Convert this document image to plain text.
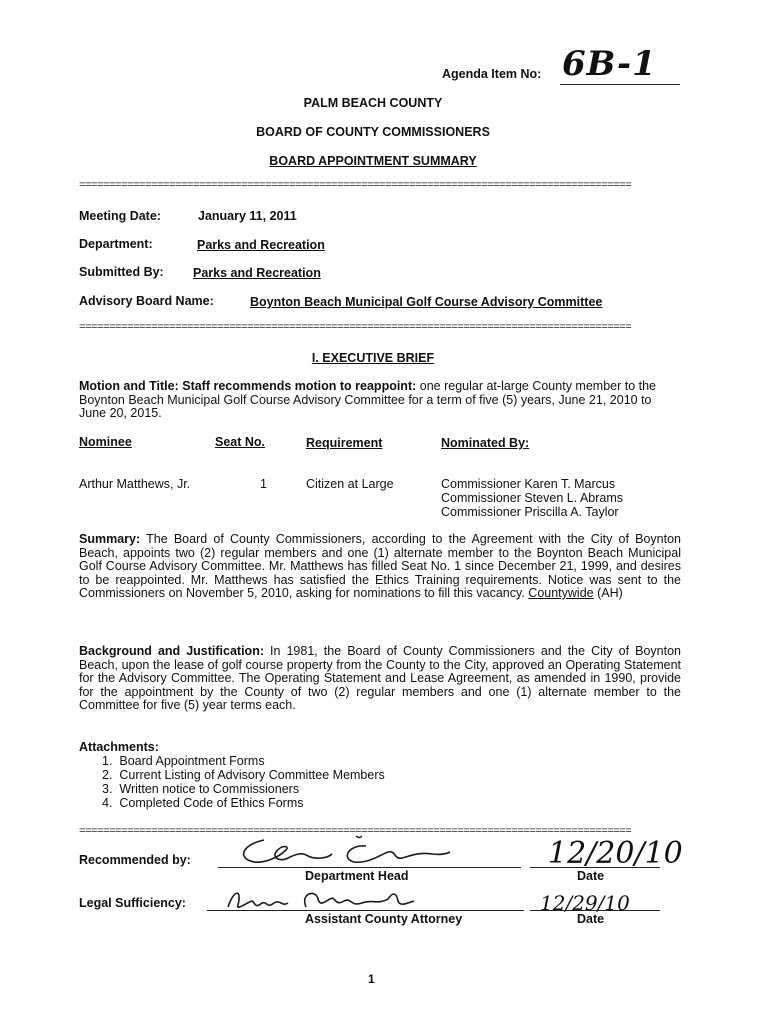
Agenda Item No: 6B-1
PALM BEACH COUNTY
BOARD OF COUNTY COMMISSIONERS
BOARD APPOINTMENT SUMMARY
============================================================================================
Meeting Date:	January 11, 2011
Department:	Parks and Recreation
Submitted By: Parks and Recreation
Advisory Board Name:	Boynton Beach Municipal Golf Course Advisory Committee
============================================================================================
I. EXECUTIVE BRIEF
Motion and Title: Staff recommends motion to reappoint: one regular at-large County member to the Boynton Beach Municipal Golf Course Advisory Committee for a term of five (5) years, June 21, 2010 to June 20, 2015.
Nominee	Seat No.	Requirement	Nominated By:
Arthur Matthews, Jr.	1	Citizen at Large	Commissioner Karen T. Marcus
Commissioner Steven L. Abrams
Commissioner Priscilla A. Taylor
Summary: The Board of County Commissioners, according to the Agreement with the City of Boynton Beach, appoints two (2) regular members and one (1) alternate member to the Boynton Beach Municipal Golf Course Advisory Committee. Mr. Matthews has filled Seat No. 1 since December 21, 1999, and desires to be reappointed. Mr. Matthews has satisfied the Ethics Training requirements. Notice was sent to the Commissioners on November 5, 2010, asking for nominations to fill this vacancy. Countywide (AH)
Background and Justification: In 1981, the Board of County Commissioners and the City of Boynton Beach, upon the lease of golf course property from the County to the City, approved an Operating Statement for the Advisory Committee. The Operating Statement and Lease Agreement, as amended in 1990, provide for the appointment by the County of two (2) regular members and one (1) alternate member to the Committee for five (5) year terms each.
Attachments:
1.  Board Appointment Forms
2.  Current Listing of Advisory Committee Members
3.  Written notice to Commissioners
4.  Completed Code of Ethics Forms
============================================================================================
Recommended by:
Department Head
12/20/10
Date
Legal Sufficiency:
Assistant County Attorney
12/29/10
Date
1
